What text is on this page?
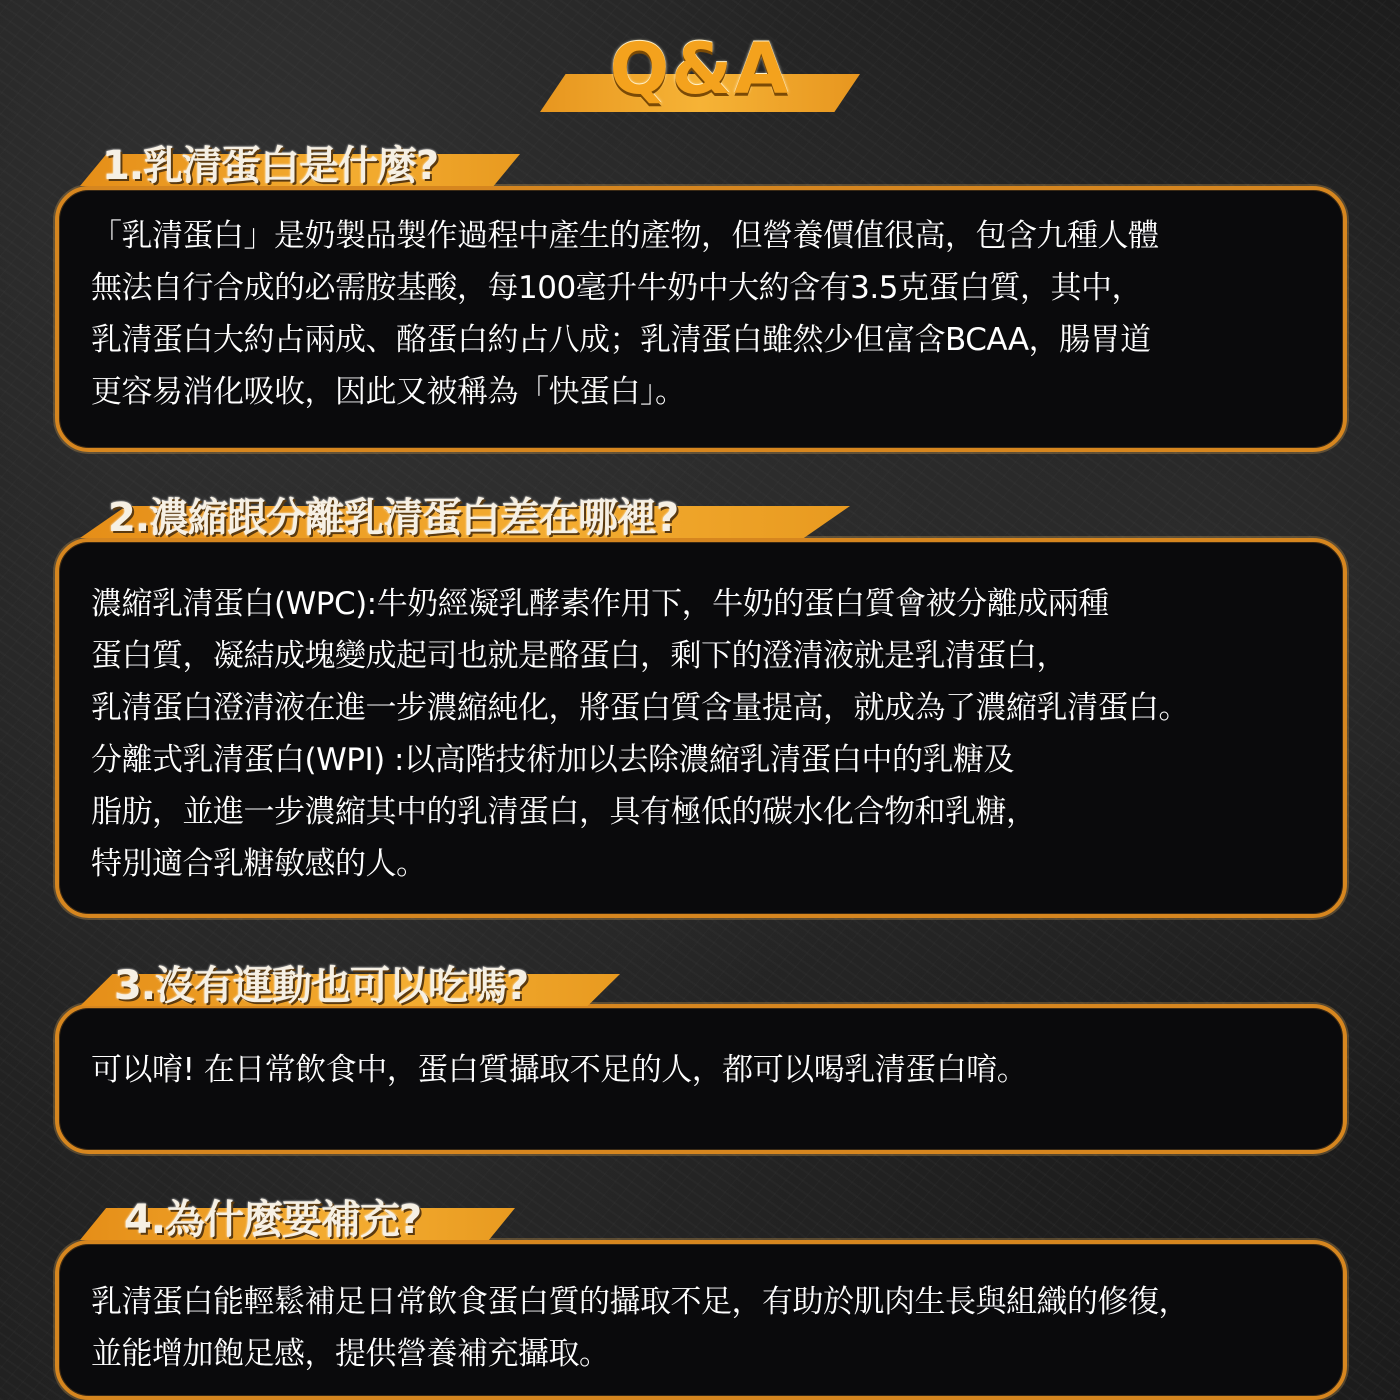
Q&A

「乳清蛋白」是奶製品製作過程中產生的產物，但營養價值很高，包含九種人體

無法自行合成的必需胺基酸，每100毫升牛奶中大約含有3.5克蛋白質，其中，

乳清蛋白大約占兩成、酪蛋白約占八成；乳清蛋白雖然少但富含BCAA，腸胃道

更容易消化吸收，因此又被稱為「快蛋白」。

1.乳清蛋白是什麼?

濃縮乳清蛋白(WPC):牛奶經凝乳酵素作用下，牛奶的蛋白質會被分離成兩種

蛋白質，凝結成塊變成起司也就是酪蛋白，剩下的澄清液就是乳清蛋白，

乳清蛋白澄清液在進一步濃縮純化，將蛋白質含量提高，就成為了濃縮乳清蛋白。

分離式乳清蛋白(WPI) :以高階技術加以去除濃縮乳清蛋白中的乳糖及

脂肪，並進一步濃縮其中的乳清蛋白，具有極低的碳水化合物和乳糖，

特別適合乳糖敏感的人。

2.濃縮跟分離乳清蛋白差在哪裡?

可以唷! 在日常飲食中，蛋白質攝取不足的人，都可以喝乳清蛋白唷。

3.沒有運動也可以吃嗎?

乳清蛋白能輕鬆補足日常飲食蛋白質的攝取不足，有助於肌肉生長與組織的修復，

並能增加飽足感，提供營養補充攝取。

4.為什麼要補充?
